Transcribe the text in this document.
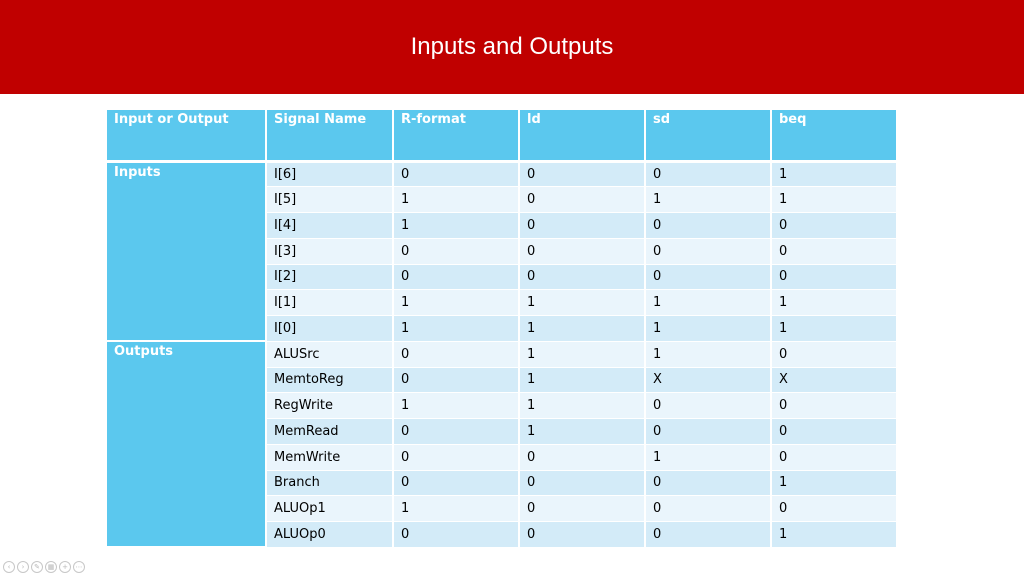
Inputs and Outputs
Input or Output	Signal Name	R-format	ld	sd	beq
Inputs	I[6]	0	0	0	1
	I[5]	1	0	1	1
	I[4]	1	0	0	0
	I[3]	0	0	0	0
	I[2]	0	0	0	0
	I[1]	1	1	1	1
	I[0]	1	1	1	1
Outputs	ALUSrc	0	1	1	0
	MemtoReg	0	1	X	X
	RegWrite	1	1	0	0
	MemRead	0	1	0	0
	MemWrite	0	0	1	0
	Branch	0	0	0	1
	ALUOp1	1	0	0	0
	ALUOp0	0	0	0	1
‹	›	✎	▦	+	⋯
